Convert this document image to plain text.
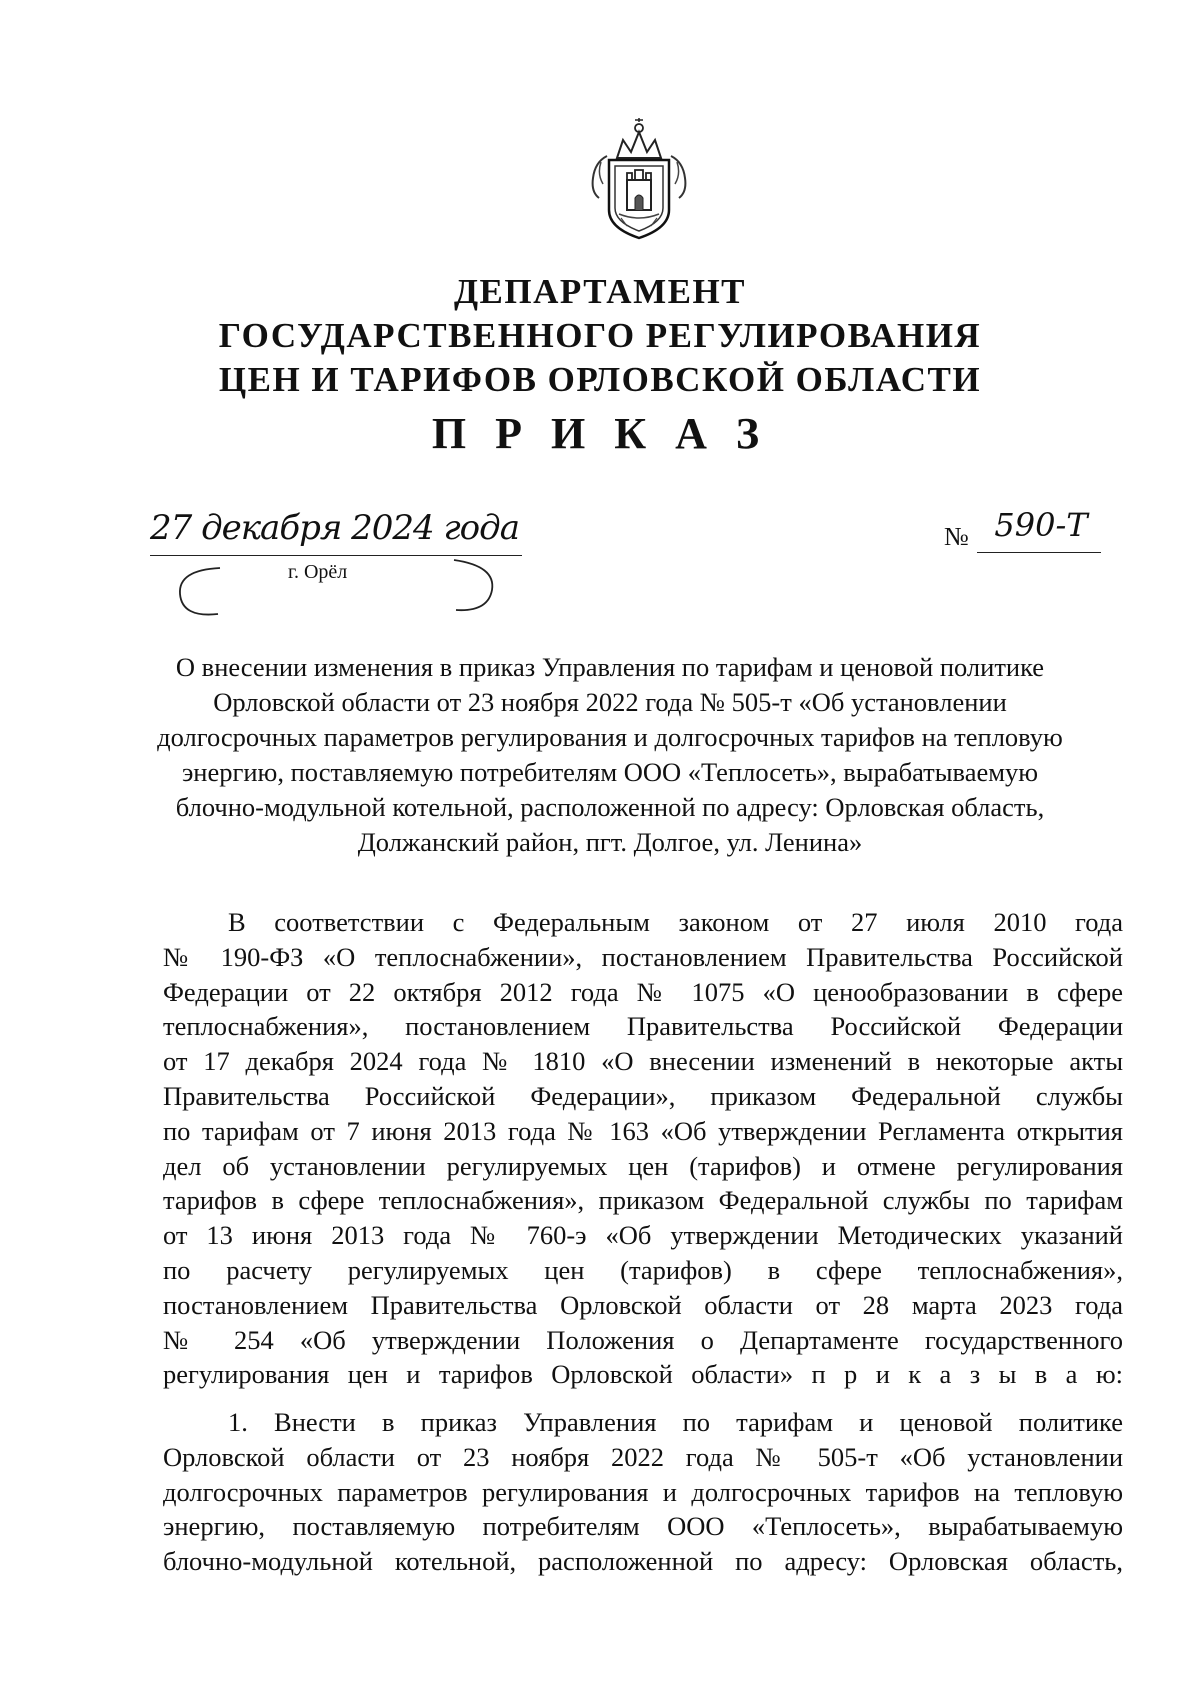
ДЕПАРТАМЕНТ
ГОСУДАРСТВЕННОГО РЕГУЛИРОВАНИЯ
ЦЕН И ТАРИФОВ ОРЛОВСКОЙ ОБЛАСТИ
П Р И К А З
27 декабря 2024 года
г. Орёл
№ 590-Т
О внесении изменения в приказ Управления по тарифам и ценовой политике
Орловской области от 23 ноября 2022 года № 505-т «Об установлении
долгосрочных параметров регулирования и долгосрочных тарифов на тепловую
энергию, поставляемую потребителям ООО «Теплосеть», вырабатываемую
блочно-модульной котельной, расположенной по адресу: Орловская область,
Должанский район, пгт. Долгое, ул. Ленина»
В соответствии с Федеральным законом от 27 июля 2010 года
№ 190-ФЗ «О теплоснабжении», постановлением Правительства Российской
Федерации от 22 октября 2012 года № 1075 «О ценообразовании в сфере
теплоснабжения», постановлением Правительства Российской Федерации
от 17 декабря 2024 года № 1810 «О внесении изменений в некоторые акты
Правительства Российской Федерации», приказом Федеральной службы
по тарифам от 7 июня 2013 года № 163 «Об утверждении Регламента открытия
дел об установлении регулируемых цен (тарифов) и отмене регулирования
тарифов в сфере теплоснабжения», приказом Федеральной службы по тарифам
от 13 июня 2013 года № 760-э «Об утверждении Методических указаний
по расчету регулируемых цен (тарифов) в сфере теплоснабжения»,
постановлением Правительства Орловской области от 28 марта 2023 года
№ 254 «Об утверждении Положения о Департаменте государственного
регулирования цен и тарифов Орловской области» п р и к а з ы в а ю:
1. Внести в приказ Управления по тарифам и ценовой политике
Орловской области от 23 ноября 2022 года № 505-т «Об установлении
долгосрочных параметров регулирования и долгосрочных тарифов на тепловую
энергию, поставляемую потребителям ООО «Теплосеть», вырабатываемую
блочно-модульной котельной, расположенной по адресу: Орловская область,
